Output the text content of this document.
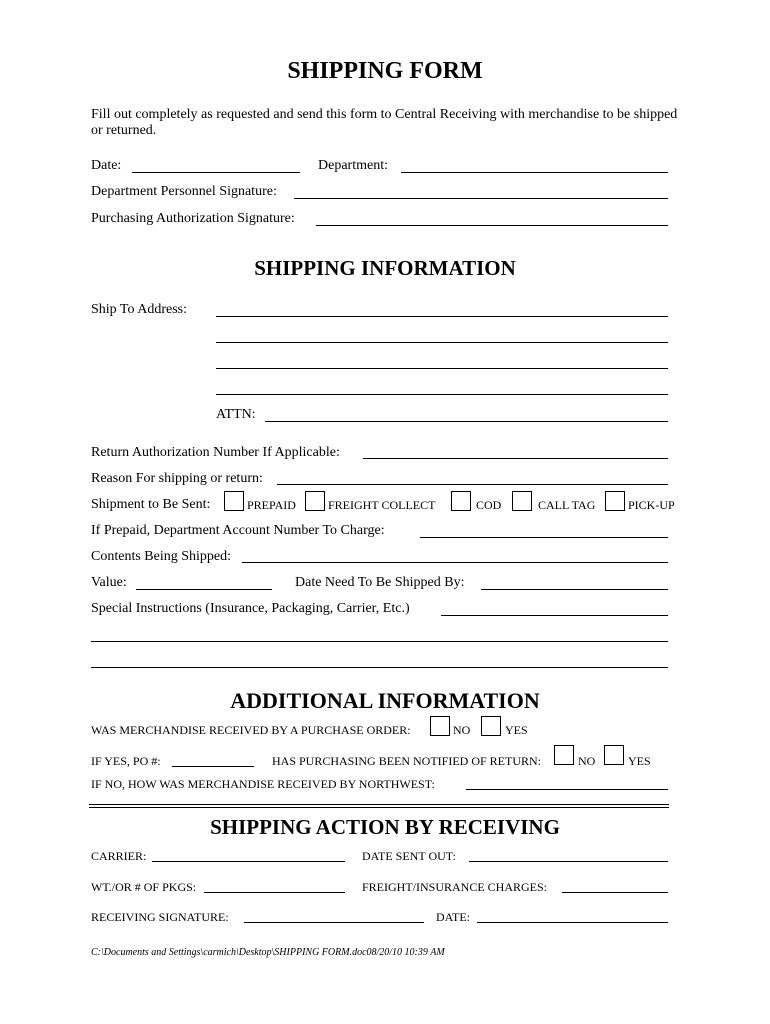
SHIPPING FORM
Fill out completely as requested and send this form to Central Receiving with merchandise to be shipped
or returned.
Date:	Department:
Department Personnel Signature:
Purchasing Authorization Signature:
SHIPPING INFORMATION
Ship To Address:
ATTN:
Return Authorization Number If Applicable:
Reason For shipping or return:
Shipment to Be Sent:	PREPAID	FREIGHT COLLECT	COD	CALL TAG	PICK-UP
If Prepaid, Department Account Number To Charge:
Contents Being Shipped:
Value:	Date Need To Be Shipped By:
Special Instructions (Insurance, Packaging, Carrier, Etc.)
ADDITIONAL INFORMATION
WAS MERCHANDISE RECEIVED BY A PURCHASE ORDER:	NO	YES
IF YES, PO #:	HAS PURCHASING BEEN NOTIFIED OF RETURN:	NO	YES
IF NO, HOW WAS MERCHANDISE RECEIVED BY NORTHWEST:
SHIPPING ACTION BY RECEIVING
CARRIER:	DATE SENT OUT:
WT./OR # OF PKGS:	FREIGHT/INSURANCE CHARGES:
RECEIVING SIGNATURE:	DATE:
C:\Documents and Settings\carmich\Desktop\SHIPPING FORM.doc08/20/10 10:39 AM
